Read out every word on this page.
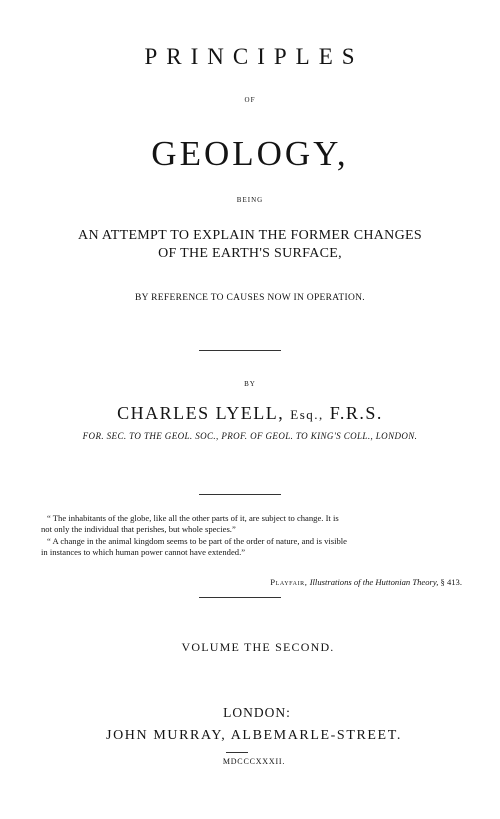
PRINCIPLES
OF
GEOLOGY,
BEING
AN ATTEMPT TO EXPLAIN THE FORMER CHANGES
OF THE EARTH'S SURFACE,
BY REFERENCE TO CAUSES NOW IN OPERATION.
BY
CHARLES LYELL, Esq., F.R.S.
FOR. SEC. TO THE GEOL. SOC., PROF. OF GEOL. TO KING'S COLL., LONDON.
“ The inhabitants of the globe, like all the other parts of it, are subject to change. It is
not only the individual that perishes, but whole species.”
“ A change in the animal kingdom seems to be part of the order of nature, and is visible
in instances to which human power cannot have extended.”
Playfair, Illustrations of the Huttonian Theory, § 413.
VOLUME THE SECOND.
LONDON:
JOHN MURRAY, ALBEMARLE-STREET.
MDCCCXXXII.
